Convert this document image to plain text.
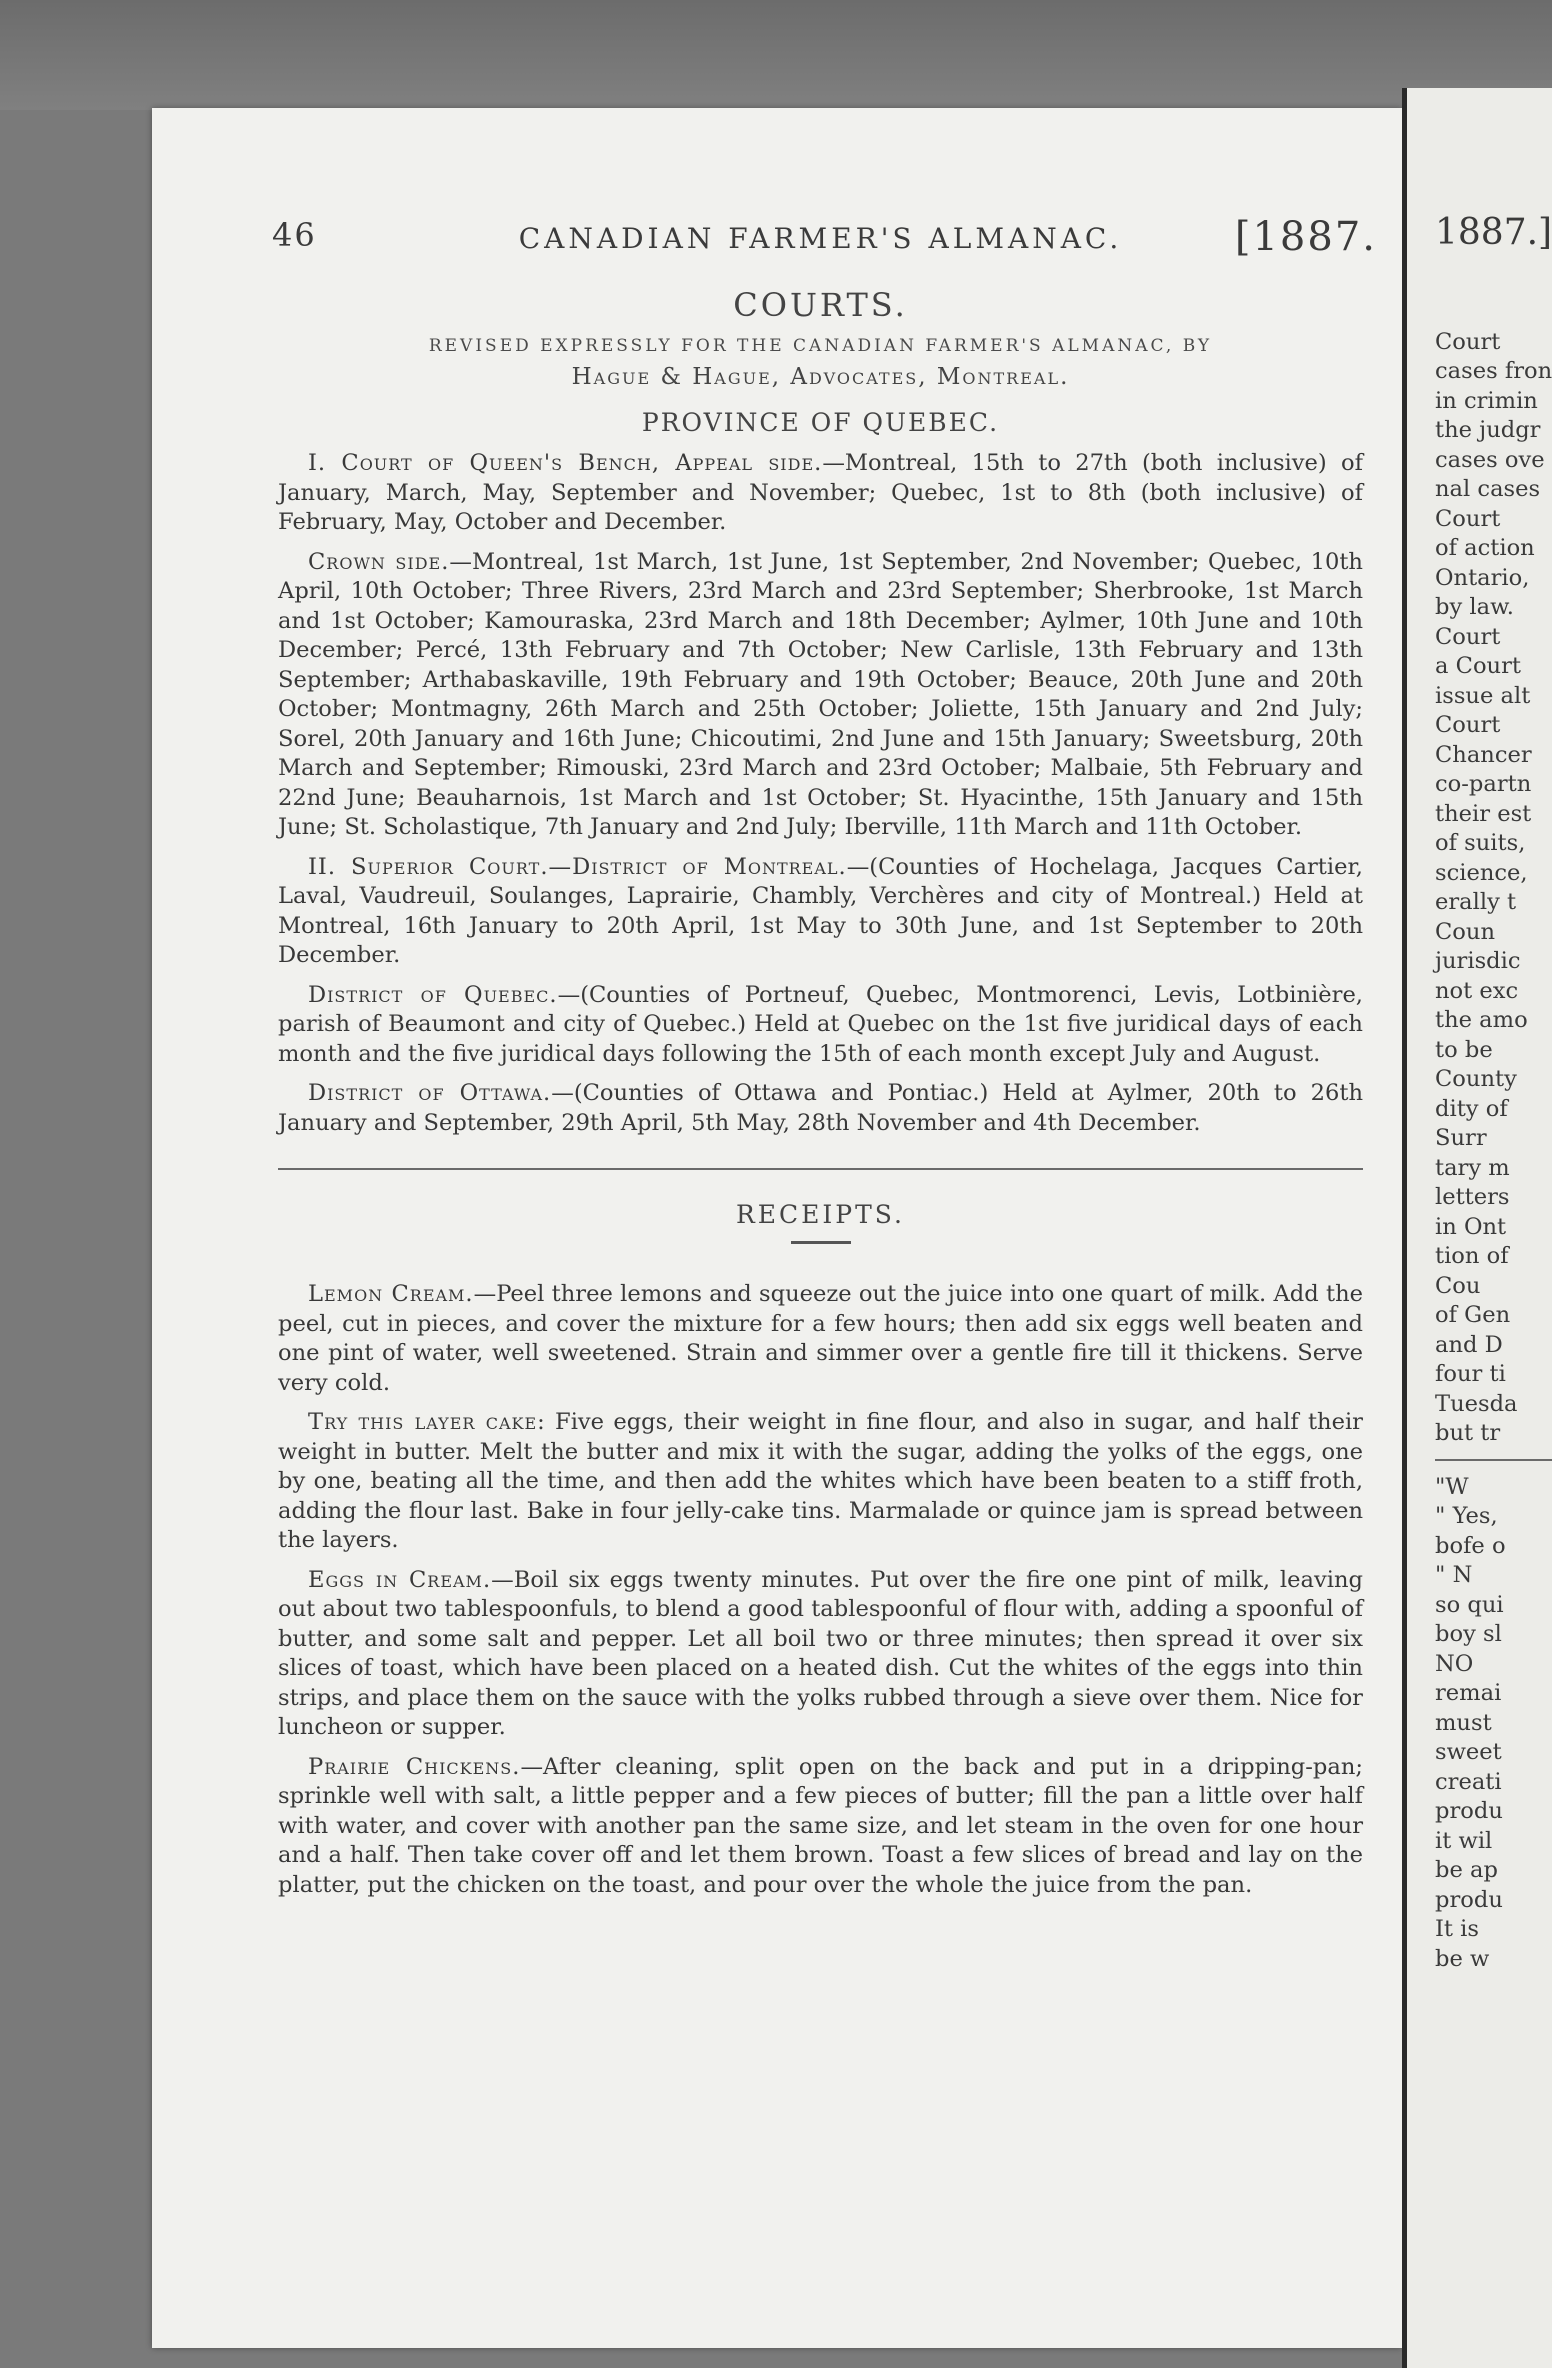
46	CANADIAN FARMER'S ALMANAC.	[1887.
COURTS.
REVISED EXPRESSLY FOR THE CANADIAN FARMER'S ALMANAC, BY
Hague & Hague, Advocates, Montreal.
PROVINCE OF QUEBEC.

I. Court of Queen's Bench, Appeal side.—Montreal, 15th to 27th (both inclusive) of January, March, May, September and November; Quebec, 1st to 8th (both inclusive) of February, May, October and December.

Crown side.—Montreal, 1st March, 1st June, 1st September, 2nd November; Quebec, 10th April, 10th October; Three Rivers, 23rd March and 23rd September; Sherbrooke, 1st March and 1st October; Kamouraska, 23rd March and 18th December; Aylmer, 10th June and 10th December; Percé, 13th February and 7th October; New Carlisle, 13th February and 13th September; Arthabaskaville, 19th February and 19th October; Beauce, 20th June and 20th October; Montmagny, 26th March and 25th October; Joliette, 15th January and 2nd July; Sorel, 20th January and 16th June; Chicoutimi, 2nd June and 15th January; Sweetsburg, 20th March and September; Rimouski, 23rd March and 23rd October; Malbaie, 5th February and 22nd June; Beauharnois, 1st March and 1st October; St. Hyacinthe, 15th January and 15th June; St. Scholastique, 7th January and 2nd July; Iberville, 11th March and 11th October.

II. Superior Court.—District of Montreal.—(Counties of Hochelaga, Jacques Cartier, Laval, Vaudreuil, Soulanges, Laprairie, Chambly, Verchères and city of Montreal.) Held at Montreal, 16th January to 20th April, 1st May to 30th June, and 1st September to 20th December.

District of Quebec.—(Counties of Portneuf, Quebec, Montmorenci, Levis, Lotbinière, parish of Beaumont and city of Quebec.) Held at Quebec on the 1st five juridical days of each month and the five juridical days following the 15th of each month except July and August.

District of Ottawa.—(Counties of Ottawa and Pontiac.) Held at Aylmer, 20th to 26th January and September, 29th April, 5th May, 28th November and 4th December.

RECEIPTS.

Lemon Cream.—Peel three lemons and squeeze out the juice into one quart of milk. Add the peel, cut in pieces, and cover the mixture for a few hours; then add six eggs well beaten and one pint of water, well sweetened. Strain and simmer over a gentle fire till it thickens. Serve very cold.

Try this layer cake: Five eggs, their weight in fine flour, and also in sugar, and half their weight in butter. Melt the butter and mix it with the sugar, adding the yolks of the eggs, one by one, beating all the time, and then add the whites which have been beaten to a stiff froth, adding the flour last. Bake in four jelly-cake tins. Marmalade or quince jam is spread between the layers.

Eggs in Cream.—Boil six eggs twenty minutes. Put over the fire one pint of milk, leaving out about two tablespoonfuls, to blend a good tablespoonful of flour with, adding a spoonful of butter, and some salt and pepper. Let all boil two or three minutes; then spread it over six slices of toast, which have been placed on a heated dish. Cut the whites of the eggs into thin strips, and place them on the sauce with the yolks rubbed through a sieve over them. Nice for luncheon or supper.

Prairie Chickens.—After cleaning, split open on the back and put in a dripping-pan; sprinkle well with salt, a little pepper and a few pieces of butter; fill the pan a little over half with water, and cover with another pan the same size, and let steam in the oven for one hour and a half. Then take cover off and let them brown. Toast a few slices of bread and lay on the platter, put the chicken on the toast, and pour over the whole the juice from the pan.

1887.]
Court
cases fron
in crimin
the judgr
cases ove
nal cases
Court
of action
Ontario,
by law.
Court
a Court
issue alt
Court
Chancer
co-partn
their est
of suits,
science,
erally t
Coun
jurisdic
not exc
the amo
to be
County
dity of
Surr
tary m
letters
in Ont
tion of
Cou
of Gen
and D
four ti
Tuesda
but tr
"W
" Yes,
bofe o
" N
so qui
boy sl
NO
remai
must
sweet
creati
produ
it wil
be ap
produ
It is
be w
